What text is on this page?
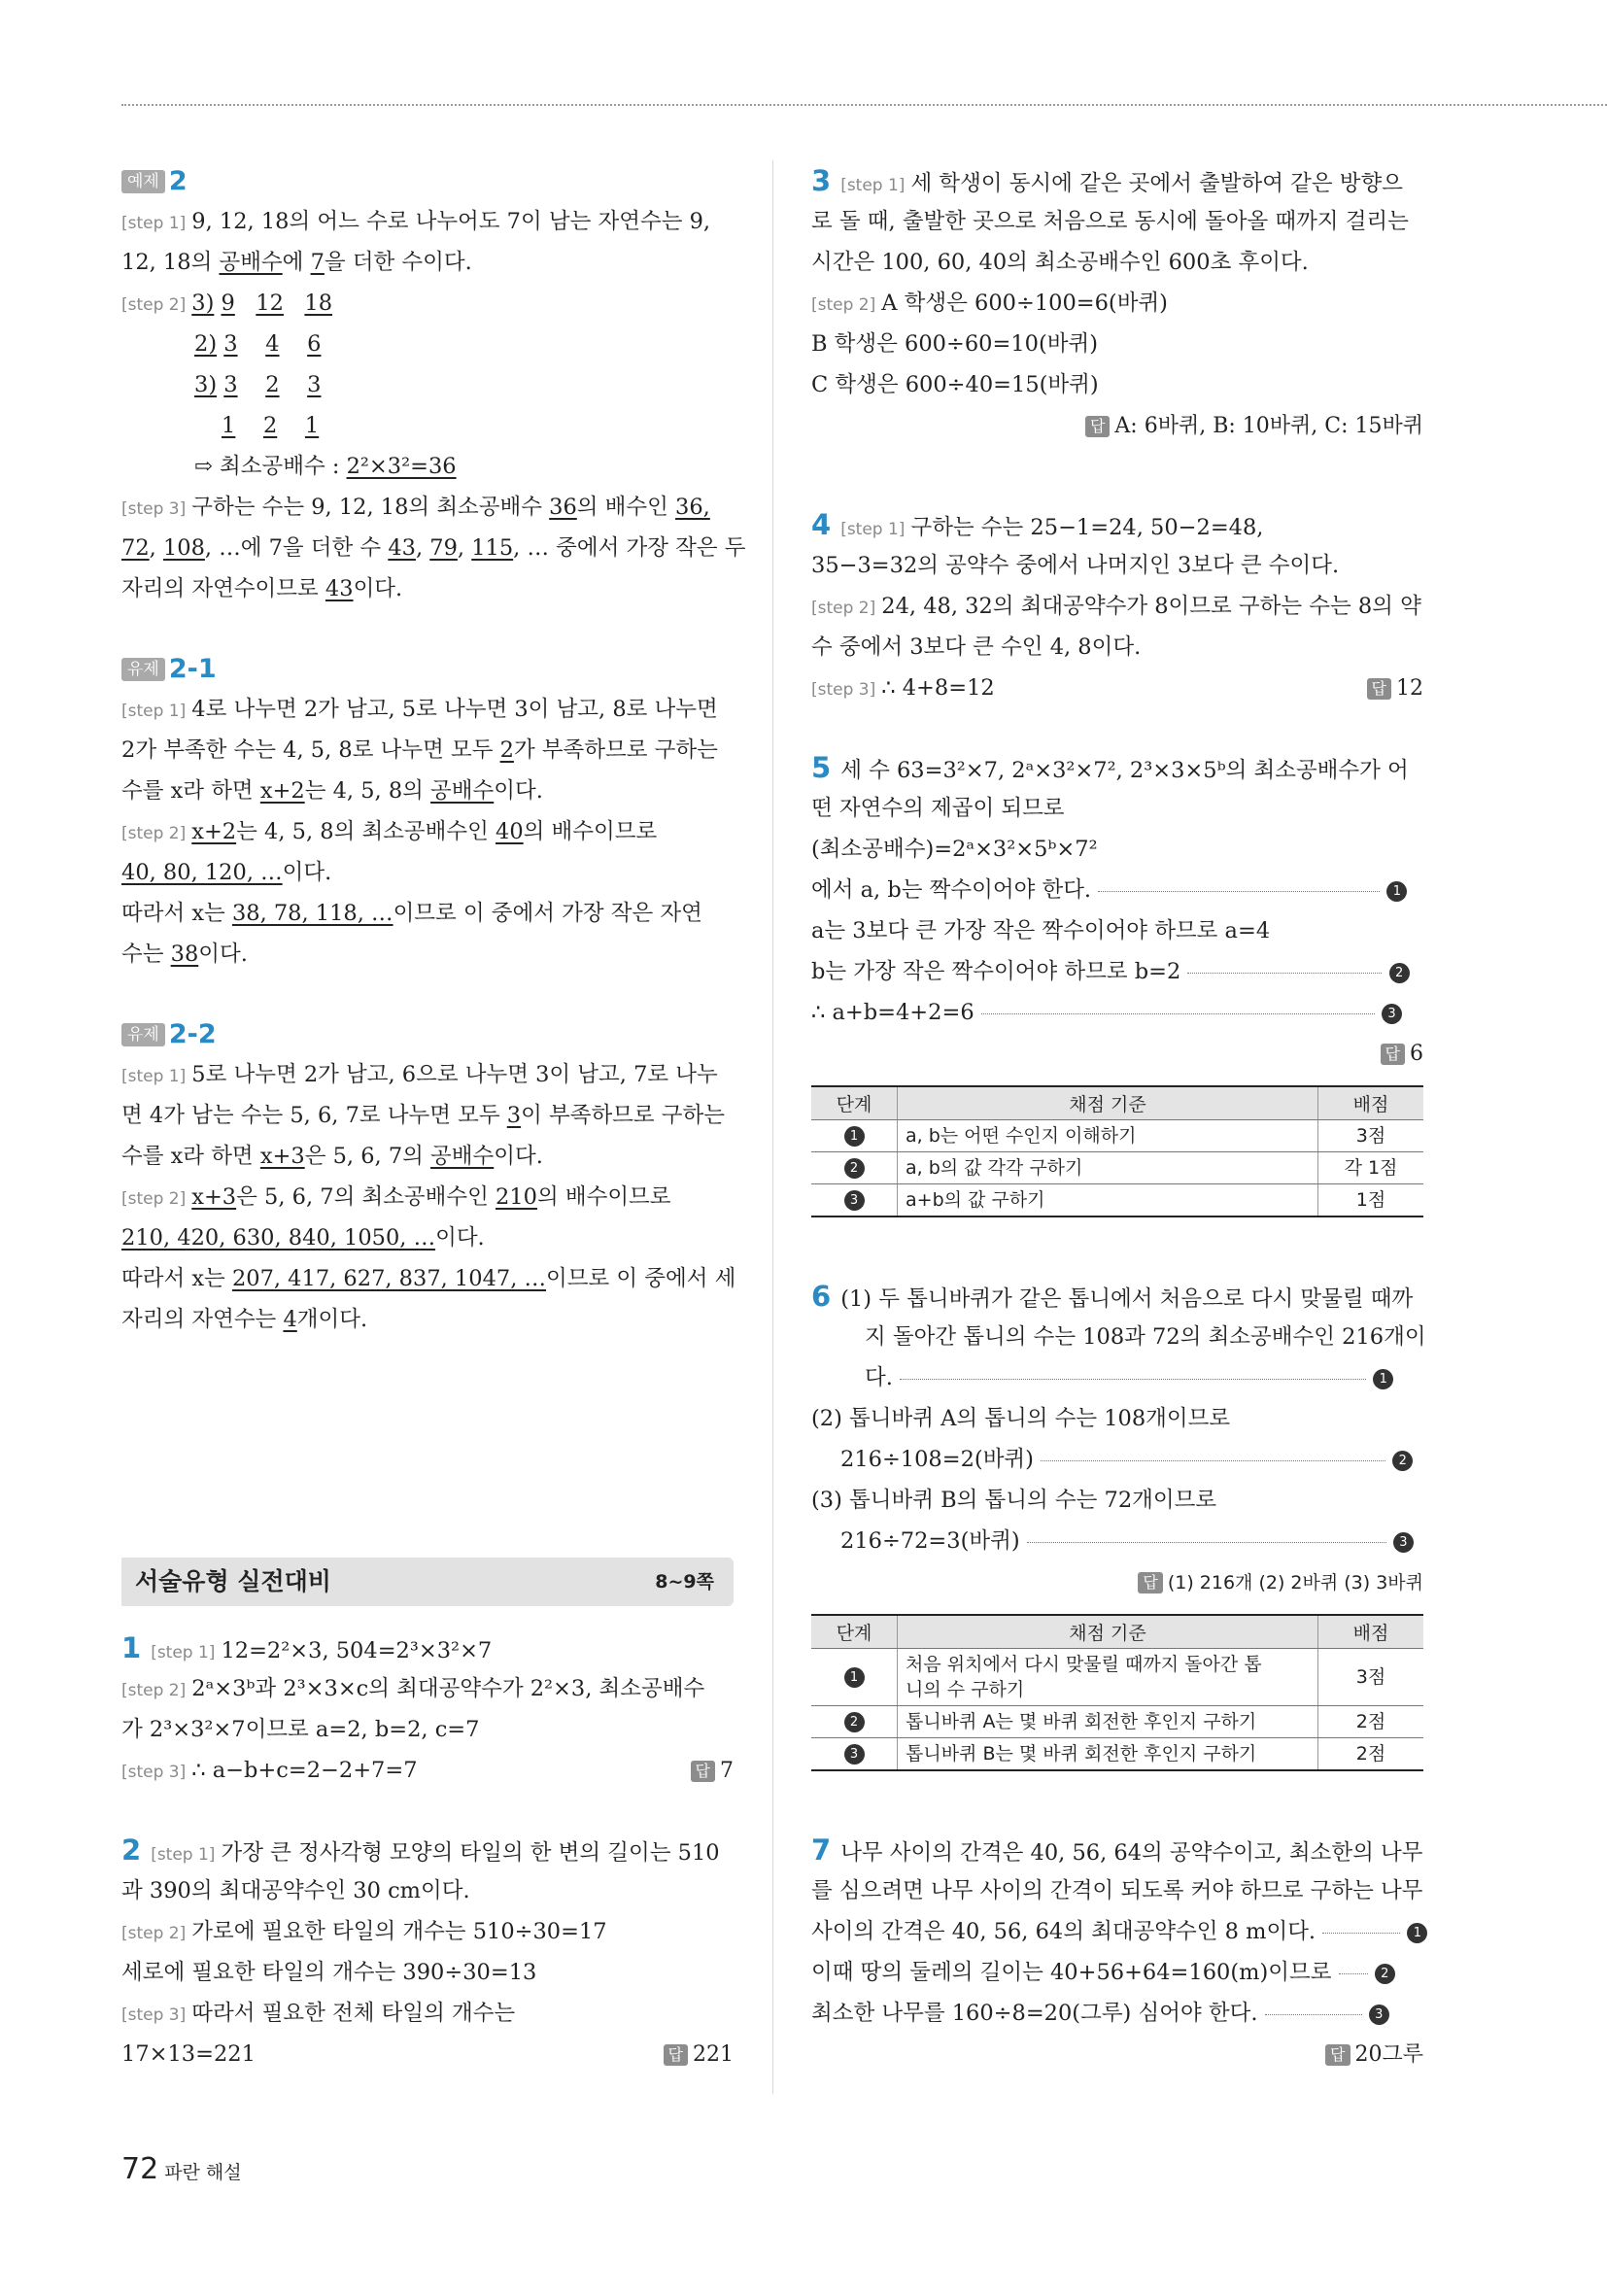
예제 2
[step 1] 9, 12, 18의 어느 수로 나누어도 7이 남는 자연수는 9,
12, 18의 공배수에 7을 더한 수이다.
[step 2] 3) 9 12 18
2) 3 4 6
3) 3 2 3
1 2 1
⇨ 최소공배수 : 2²×3²=36
[step 3] 구하는 수는 9, 12, 18의 최소공배수 36의 배수인 36,
72, 108, …에 7을 더한 수 43, 79, 115, … 중에서 가장 작은 두
자리의 자연수이므로 43이다.
유제 2-1
[step 1] 4로 나누면 2가 남고, 5로 나누면 3이 남고, 8로 나누면
2가 부족한 수는 4, 5, 8로 나누면 모두 2가 부족하므로 구하는
수를 x라 하면 x+2는 4, 5, 8의 공배수이다.
[step 2] x+2는 4, 5, 8의 최소공배수인 40의 배수이므로
40, 80, 120, …이다.
따라서 x는 38, 78, 118, …이므로 이 중에서 가장 작은 자연
수는 38이다.
유제 2-2
[step 1] 5로 나누면 2가 남고, 6으로 나누면 3이 남고, 7로 나누
면 4가 남는 수는 5, 6, 7로 나누면 모두 3이 부족하므로 구하는
수를 x라 하면 x+3은 5, 6, 7의 공배수이다.
[step 2] x+3은 5, 6, 7의 최소공배수인 210의 배수이므로
210, 420, 630, 840, 1050, …이다.
따라서 x는 207, 417, 627, 837, 1047, …이므로 이 중에서 세
자리의 자연수는 4개이다.
서술유형 실전대비	8~9쪽
1 [step 1] 12=2²×3, 504=2³×3²×7
[step 2] 2ᵃ×3ᵇ과 2³×3×c의 최대공약수가 2²×3, 최소공배수
가 2³×3²×7이므로 a=2, b=2, c=7
[step 3] ∴ a−b+c=2−2+7=7	답 7
2 [step 1] 가장 큰 정사각형 모양의 타일의 한 변의 길이는 510
과 390의 최대공약수인 30 cm이다.
[step 2] 가로에 필요한 타일의 개수는 510÷30=17
세로에 필요한 타일의 개수는 390÷30=13
[step 3] 따라서 필요한 전체 타일의 개수는
17×13=221	답 221
3 [step 1] 세 학생이 동시에 같은 곳에서 출발하여 같은 방향으
로 돌 때, 출발한 곳으로 처음으로 동시에 돌아올 때까지 걸리는
시간은 100, 60, 40의 최소공배수인 600초 후이다.
[step 2] A 학생은 600÷100=6(바퀴)
B 학생은 600÷60=10(바퀴)
C 학생은 600÷40=15(바퀴)
답 A: 6바퀴, B: 10바퀴, C: 15바퀴
4 [step 1] 구하는 수는 25−1=24, 50−2=48,
35−3=32의 공약수 중에서 나머지인 3보다 큰 수이다.
[step 2] 24, 48, 32의 최대공약수가 8이므로 구하는 수는 8의 약
수 중에서 3보다 큰 수인 4, 8이다.
[step 3] ∴ 4+8=12	답 12
5 세 수 63=3²×7, 2ᵃ×3²×7², 2³×3×5ᵇ의 최소공배수가 어
떤 자연수의 제곱이 되므로
(최소공배수)=2ᵃ×3²×5ᵇ×7²
에서 a, b는 짝수이어야 한다.	1
a는 3보다 큰 가장 작은 짝수이어야 하므로 a=4
b는 가장 작은 짝수이어야 하므로 b=2	2
∴ a+b=4+2=6	3
답 6
단계	채점 기준	배점
1	a, b는 어떤 수인지 이해하기	3점
2	a, b의 값 각각 구하기	각 1점
3	a+b의 값 구하기	1점
6 (1) 두 톱니바퀴가 같은 톱니에서 처음으로 다시 맞물릴 때까
지 돌아간 톱니의 수는 108과 72의 최소공배수인 216개이
다.	1
(2) 톱니바퀴 A의 톱니의 수는 108개이므로
216÷108=2(바퀴)	2
(3) 톱니바퀴 B의 톱니의 수는 72개이므로
216÷72=3(바퀴)	3
답 (1) 216개 (2) 2바퀴 (3) 3바퀴
단계	채점 기준	배점
1	처음 위치에서 다시 맞물릴 때까지 돌아간 톱
니의 수 구하기	3점
2	톱니바퀴 A는 몇 바퀴 회전한 후인지 구하기	2점
3	톱니바퀴 B는 몇 바퀴 회전한 후인지 구하기	2점
7 나무 사이의 간격은 40, 56, 64의 공약수이고, 최소한의 나무
를 심으려면 나무 사이의 간격이 되도록 커야 하므로 구하는 나무
사이의 간격은 40, 56, 64의 최대공약수인 8 m이다.	1
이때 땅의 둘레의 길이는 40+56+64=160(m)이므로	2
최소한 나무를 160÷8=20(그루) 심어야 한다.	3
답 20그루
72 파란 해설
